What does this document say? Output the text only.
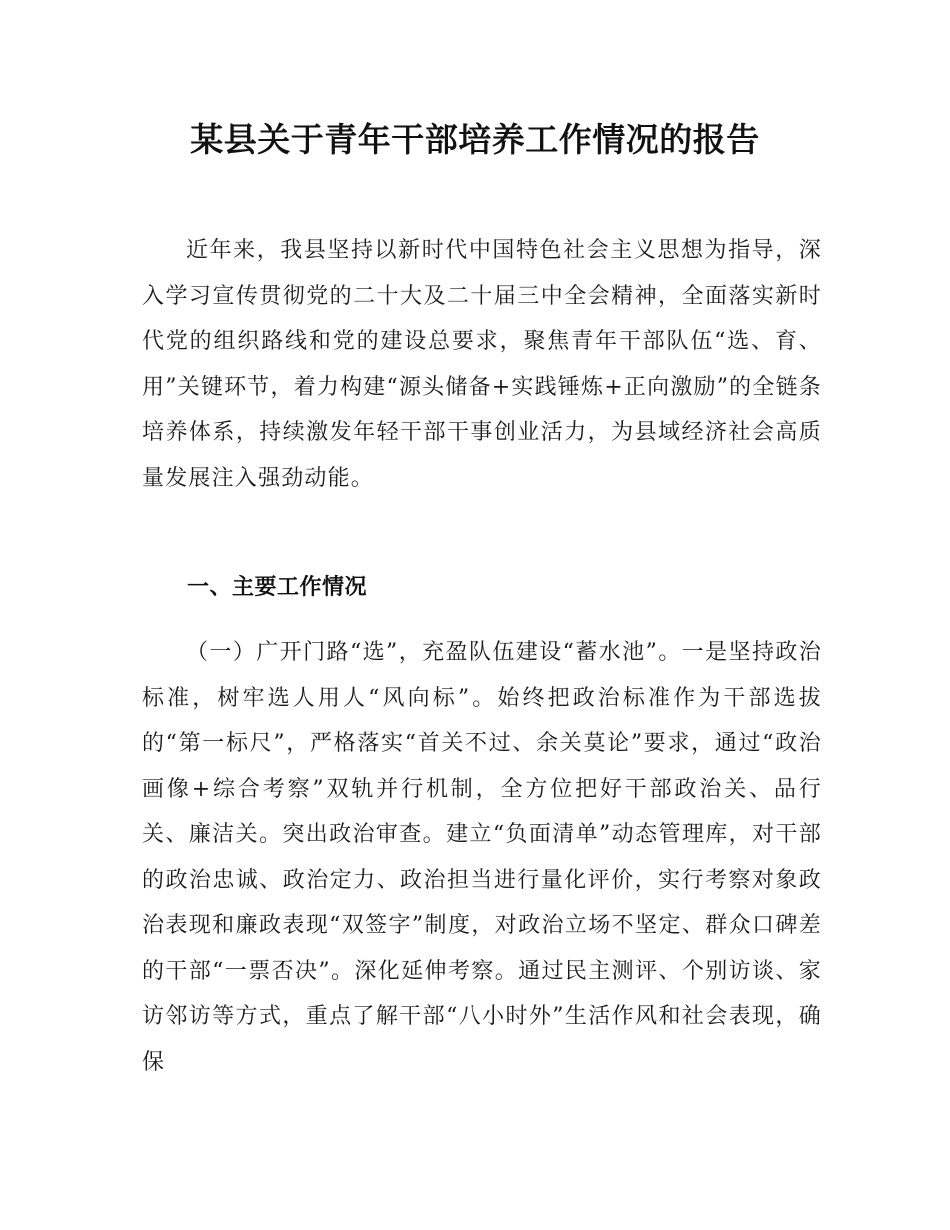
某县关于青年干部培养工作情况的报告

近年来，我县坚持以新时代中国特色社会主义思想为指导，深入学习宣传贯彻党的二十大及二十届三中全会精神，全面落实新时代党的组织路线和党的建设总要求，聚焦青年干部队伍“选、育、用”关键环节，着力构建“源头储备+实践锤炼+正向激励”的全链条培养体系，持续激发年轻干部干事创业活力，为县域经济社会高质量发展注入强劲动能。

一、主要工作情况

（一）广开门路“选”，充盈队伍建设“蓄水池”。一是坚持政治标准，树牢选人用人“风向标”。始终把政治标准作为干部选拔的“第一标尺”，严格落实“首关不过、余关莫论”要求，通过“政治画像+综合考察”双轨并行机制，全方位把好干部政治关、品行关、廉洁关。突出政治审查。建立“负面清单”动态管理库，对干部的政治忠诚、政治定力、政治担当进行量化评价，实行考察对象政治表现和廉政表现“双签字”制度，对政治立场不坚定、群众口碑差的干部“一票否决”。深化延伸考察。通过民主测评、个别访谈、家访邻访等方式，重点了解干部“八小时外”生活作风和社会表现，确保
